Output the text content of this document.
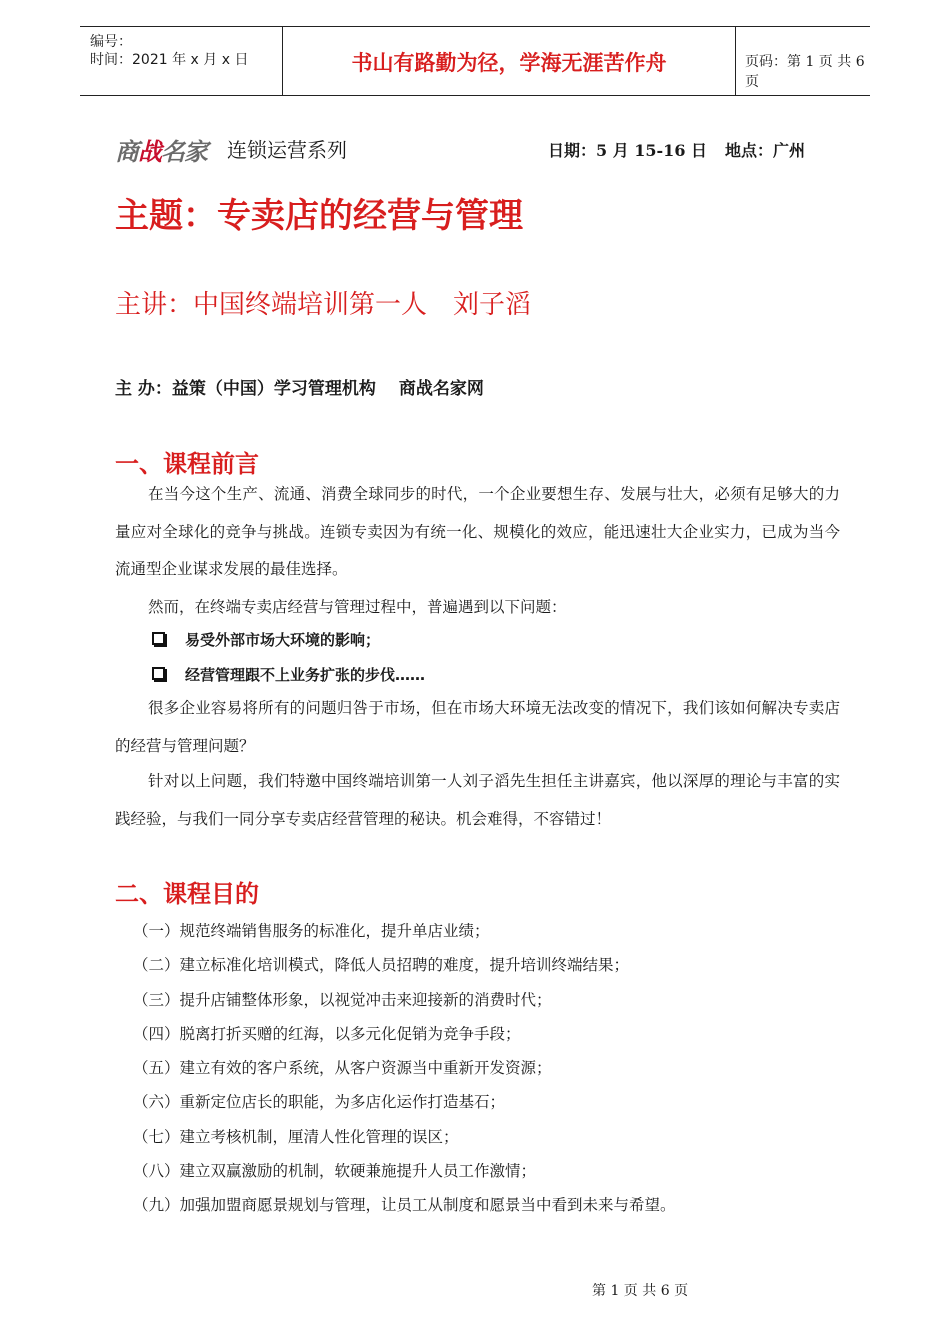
编号：
时间：2021 年 x 月 x 日	书山有路勤为径，学海无涯苦作舟	页码：第 1 页 共 6 页
商战名家 连锁运营系列	日期：5 月 15-16 日 地点：广州
主题：专卖店的经营与管理
主讲：中国终端培训第一人　刘子滔
主 办：益策（中国）学习管理机构　 商战名家网
一、课程前言
在当今这个生产、流通、消费全球同步的时代，一个企业要想生存、发展与壮大，必须有足够大的力量应对全球化的竞争与挑战。连锁专卖因为有统一化、规模化的效应，能迅速壮大企业实力，已成为当今流通型企业谋求发展的最佳选择。
然而，在终端专卖店经营与管理过程中，普遍遇到以下问题：
易受外部市场大环境的影响；
经营管理跟不上业务扩张的步伐……
很多企业容易将所有的问题归咎于市场，但在市场大环境无法改变的情况下，我们该如何解决专卖店的经营与管理问题？
针对以上问题，我们特邀中国终端培训第一人刘子滔先生担任主讲嘉宾，他以深厚的理论与丰富的实践经验，与我们一同分享专卖店经营管理的秘诀。机会难得，不容错过！
二、课程目的
（一）规范终端销售服务的标准化，提升单店业绩；
（二）建立标准化培训模式，降低人员招聘的难度，提升培训终端结果；
（三）提升店铺整体形象，以视觉冲击来迎接新的消费时代；
（四）脱离打折买赠的红海，以多元化促销为竞争手段；
（五）建立有效的客户系统，从客户资源当中重新开发资源；
（六）重新定位店长的职能，为多店化运作打造基石；
（七）建立考核机制，厘清人性化管理的误区；
（八）建立双赢激励的机制，软硬兼施提升人员工作激情；
（九）加强加盟商愿景规划与管理，让员工从制度和愿景当中看到未来与希望。
第 1 页 共 6 页
